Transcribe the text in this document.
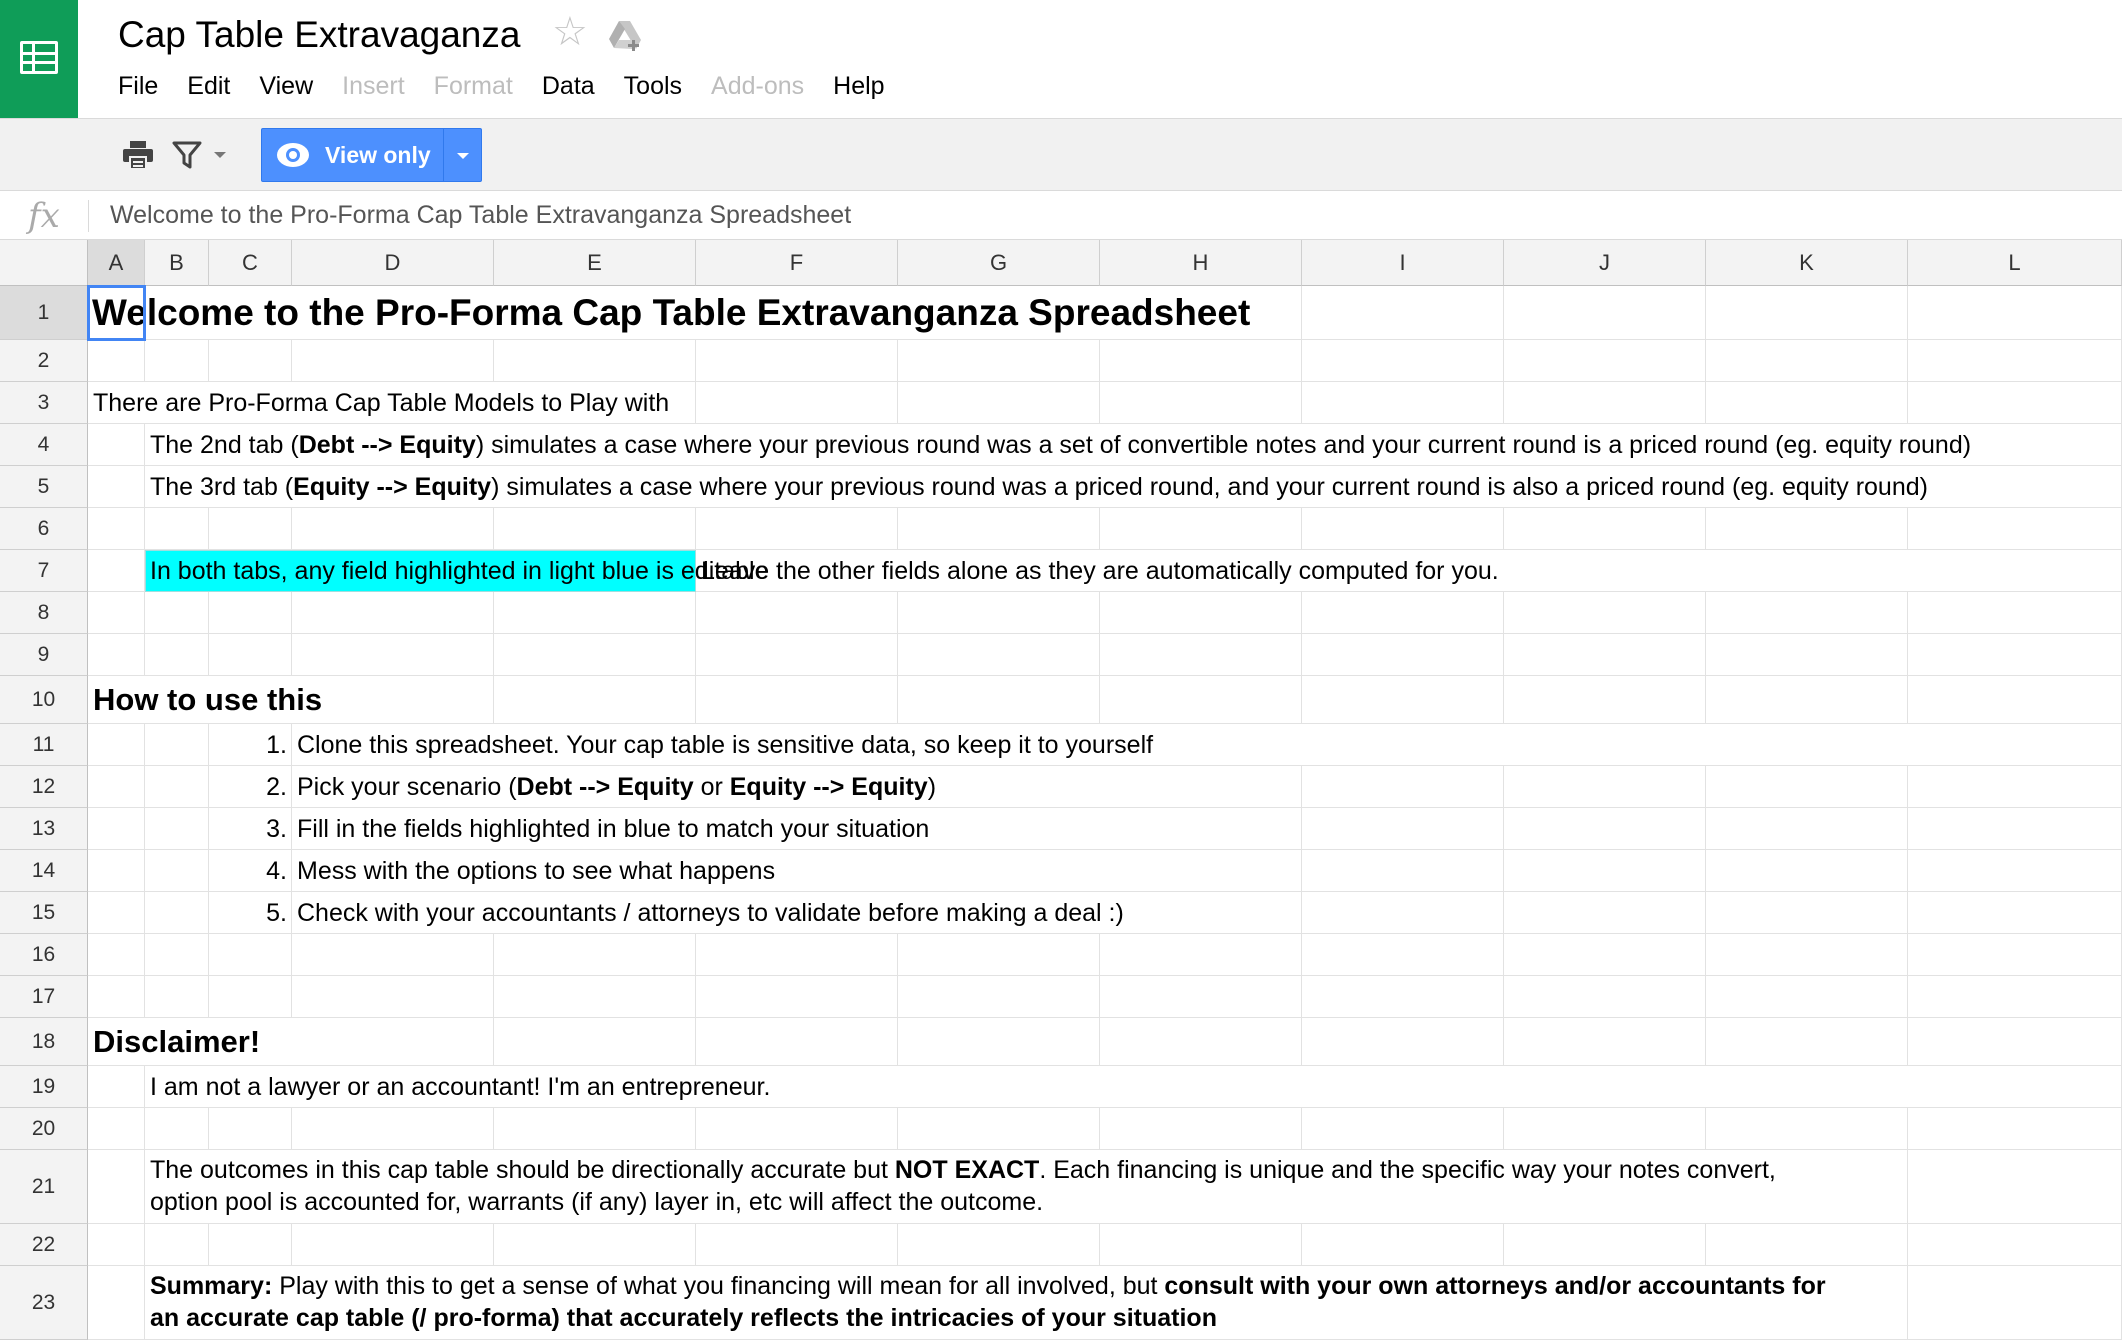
Cap Table Extravaganza ☆
File Edit View Insert Format Data Tools Add-ons Help
View only
fx Welcome to the Pro-Forma Cap Table Extravanganza Spreadsheet
A	B	C	D	E	F	G	H	I	J	K	L
1
2
3
4
5
6
7
8
9
10
11
12
13
14
15
16
17
18
19
20
21
22
23
Welcome to the Pro-Forma Cap Table Extravanganza Spreadsheet
There are Pro-Forma Cap Table Models to Play with
The 2nd tab (Debt --> Equity) simulates a case where your previous round was a set of convertible notes and your current round is a priced round (eg. equity round)
The 3rd tab (Equity --> Equity) simulates a case where your previous round was a priced round, and your current round is also a priced round (eg. equity round)
In both tabs, any field highlighted in light blue is editable
Leave the other fields alone as they are automatically computed for you.
How to use this
1. Clone this spreadsheet. Your cap table is sensitive data, so keep it to yourself
2. Pick your scenario (Debt --> Equity or Equity --> Equity)
3. Fill in the fields highlighted in blue to match your situation
4. Mess with the options to see what happens
5. Check with your accountants / attorneys to validate before making a deal :)
Disclaimer!
I am not a lawyer or an accountant! I'm an entrepreneur.
The outcomes in this cap table should be directionally accurate but NOT EXACT. Each financing is unique and the specific way your notes convert,
option pool is accounted for, warrants (if any) layer in, etc will affect the outcome.
Summary: Play with this to get a sense of what you financing will mean for all involved, but consult with your own attorneys and/or accountants for
an accurate cap table (/ pro-forma) that accurately reflects the intricacies of your situation
